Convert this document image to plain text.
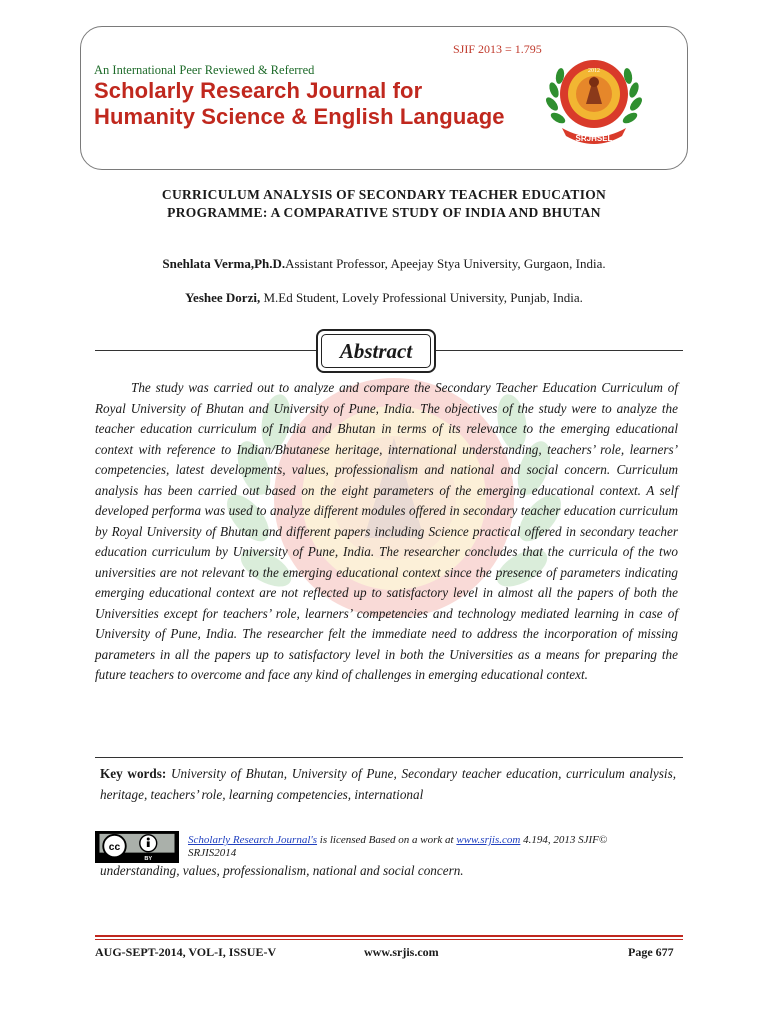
SJIF 2013 = 1.795
An International Peer Reviewed & Referred
Scholarly Research Journal for
Humanity Science & English Language
2012
SRJHSEL
CURRICULUM ANALYSIS OF SECONDARY TEACHER EDUCATION
PROGRAMME: A COMPARATIVE STUDY OF INDIA AND BHUTAN
Snehlata Verma,Ph.D.Assistant Professor, Apeejay Stya University, Gurgaon, India.
Yeshee Dorzi, M.Ed Student, Lovely Professional University, Punjab, India.
Abstract
The study was carried out to analyze and compare the Secondary Teacher Education Curriculum of Royal University of Bhutan and University of Pune, India. The objectives of the study were to analyze the teacher education curriculum of India and Bhutan in terms of its relevance to the emerging educational context with reference to Indian/Bhutanese heritage, international understanding, teachers’ role, learners’ competencies, latest developments, values, professionalism and national and social concern. Curriculum analysis has been carried out based on the eight parameters of the emerging educational context. A self developed performa was used to analyze different modules offered in secondary teacher education curriculum by Royal University of Bhutan and different papers including Science practical offered in secondary teacher education curriculum by University of Pune, India. The researcher concludes that the curricula of the two universities are not relevant to the emerging educational context since the presence of parameters indicating emerging educational context are not reflected up to satisfactory level in almost all the papers of both the Universities except for teachers’ role, learners’ competencies and technology mediated learning in case of University of Pune, India. The researcher felt the immediate need to address the incorporation of missing parameters in all the papers up to satisfactory level in both the Universities as a means for preparing the future teachers to overcome and face any kind of challenges in emerging educational context.
Key words: University of Bhutan, University of Pune, Secondary teacher education, curriculum analysis, heritage, teachers’ role, learning competencies, international
cc
BY
Scholarly Research Journal's is licensed Based on a work at www.srjis.com 4.194, 2013 SJIF© SRJIS2014
understanding, values, professionalism, national and social concern.
AUG-SEPT-2014, VOL-I, ISSUE-V	www.srjis.com	Page 677
